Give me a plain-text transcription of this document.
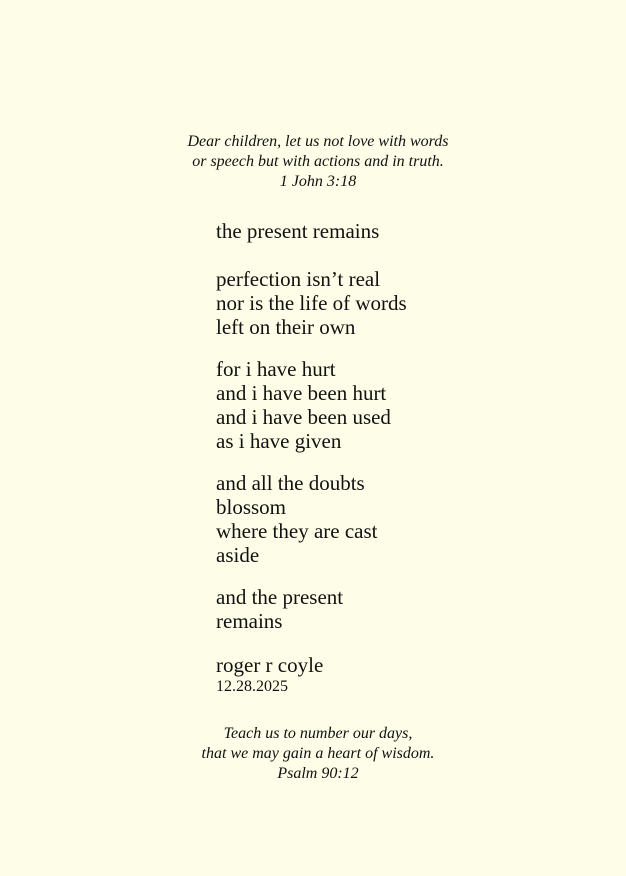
Dear children, let us not love with words
or speech but with actions and in truth.
1 John 3:18
the present remains
perfection isn’t real
nor is the life of words
left on their own
for i have hurt
and i have been hurt
and i have been used
as i have given
and all the doubts
blossom
where they are cast
aside
and the present
remains
roger r coyle
12.28.2025
Teach us to number our days,
that we may gain a heart of wisdom.
Psalm 90:12
